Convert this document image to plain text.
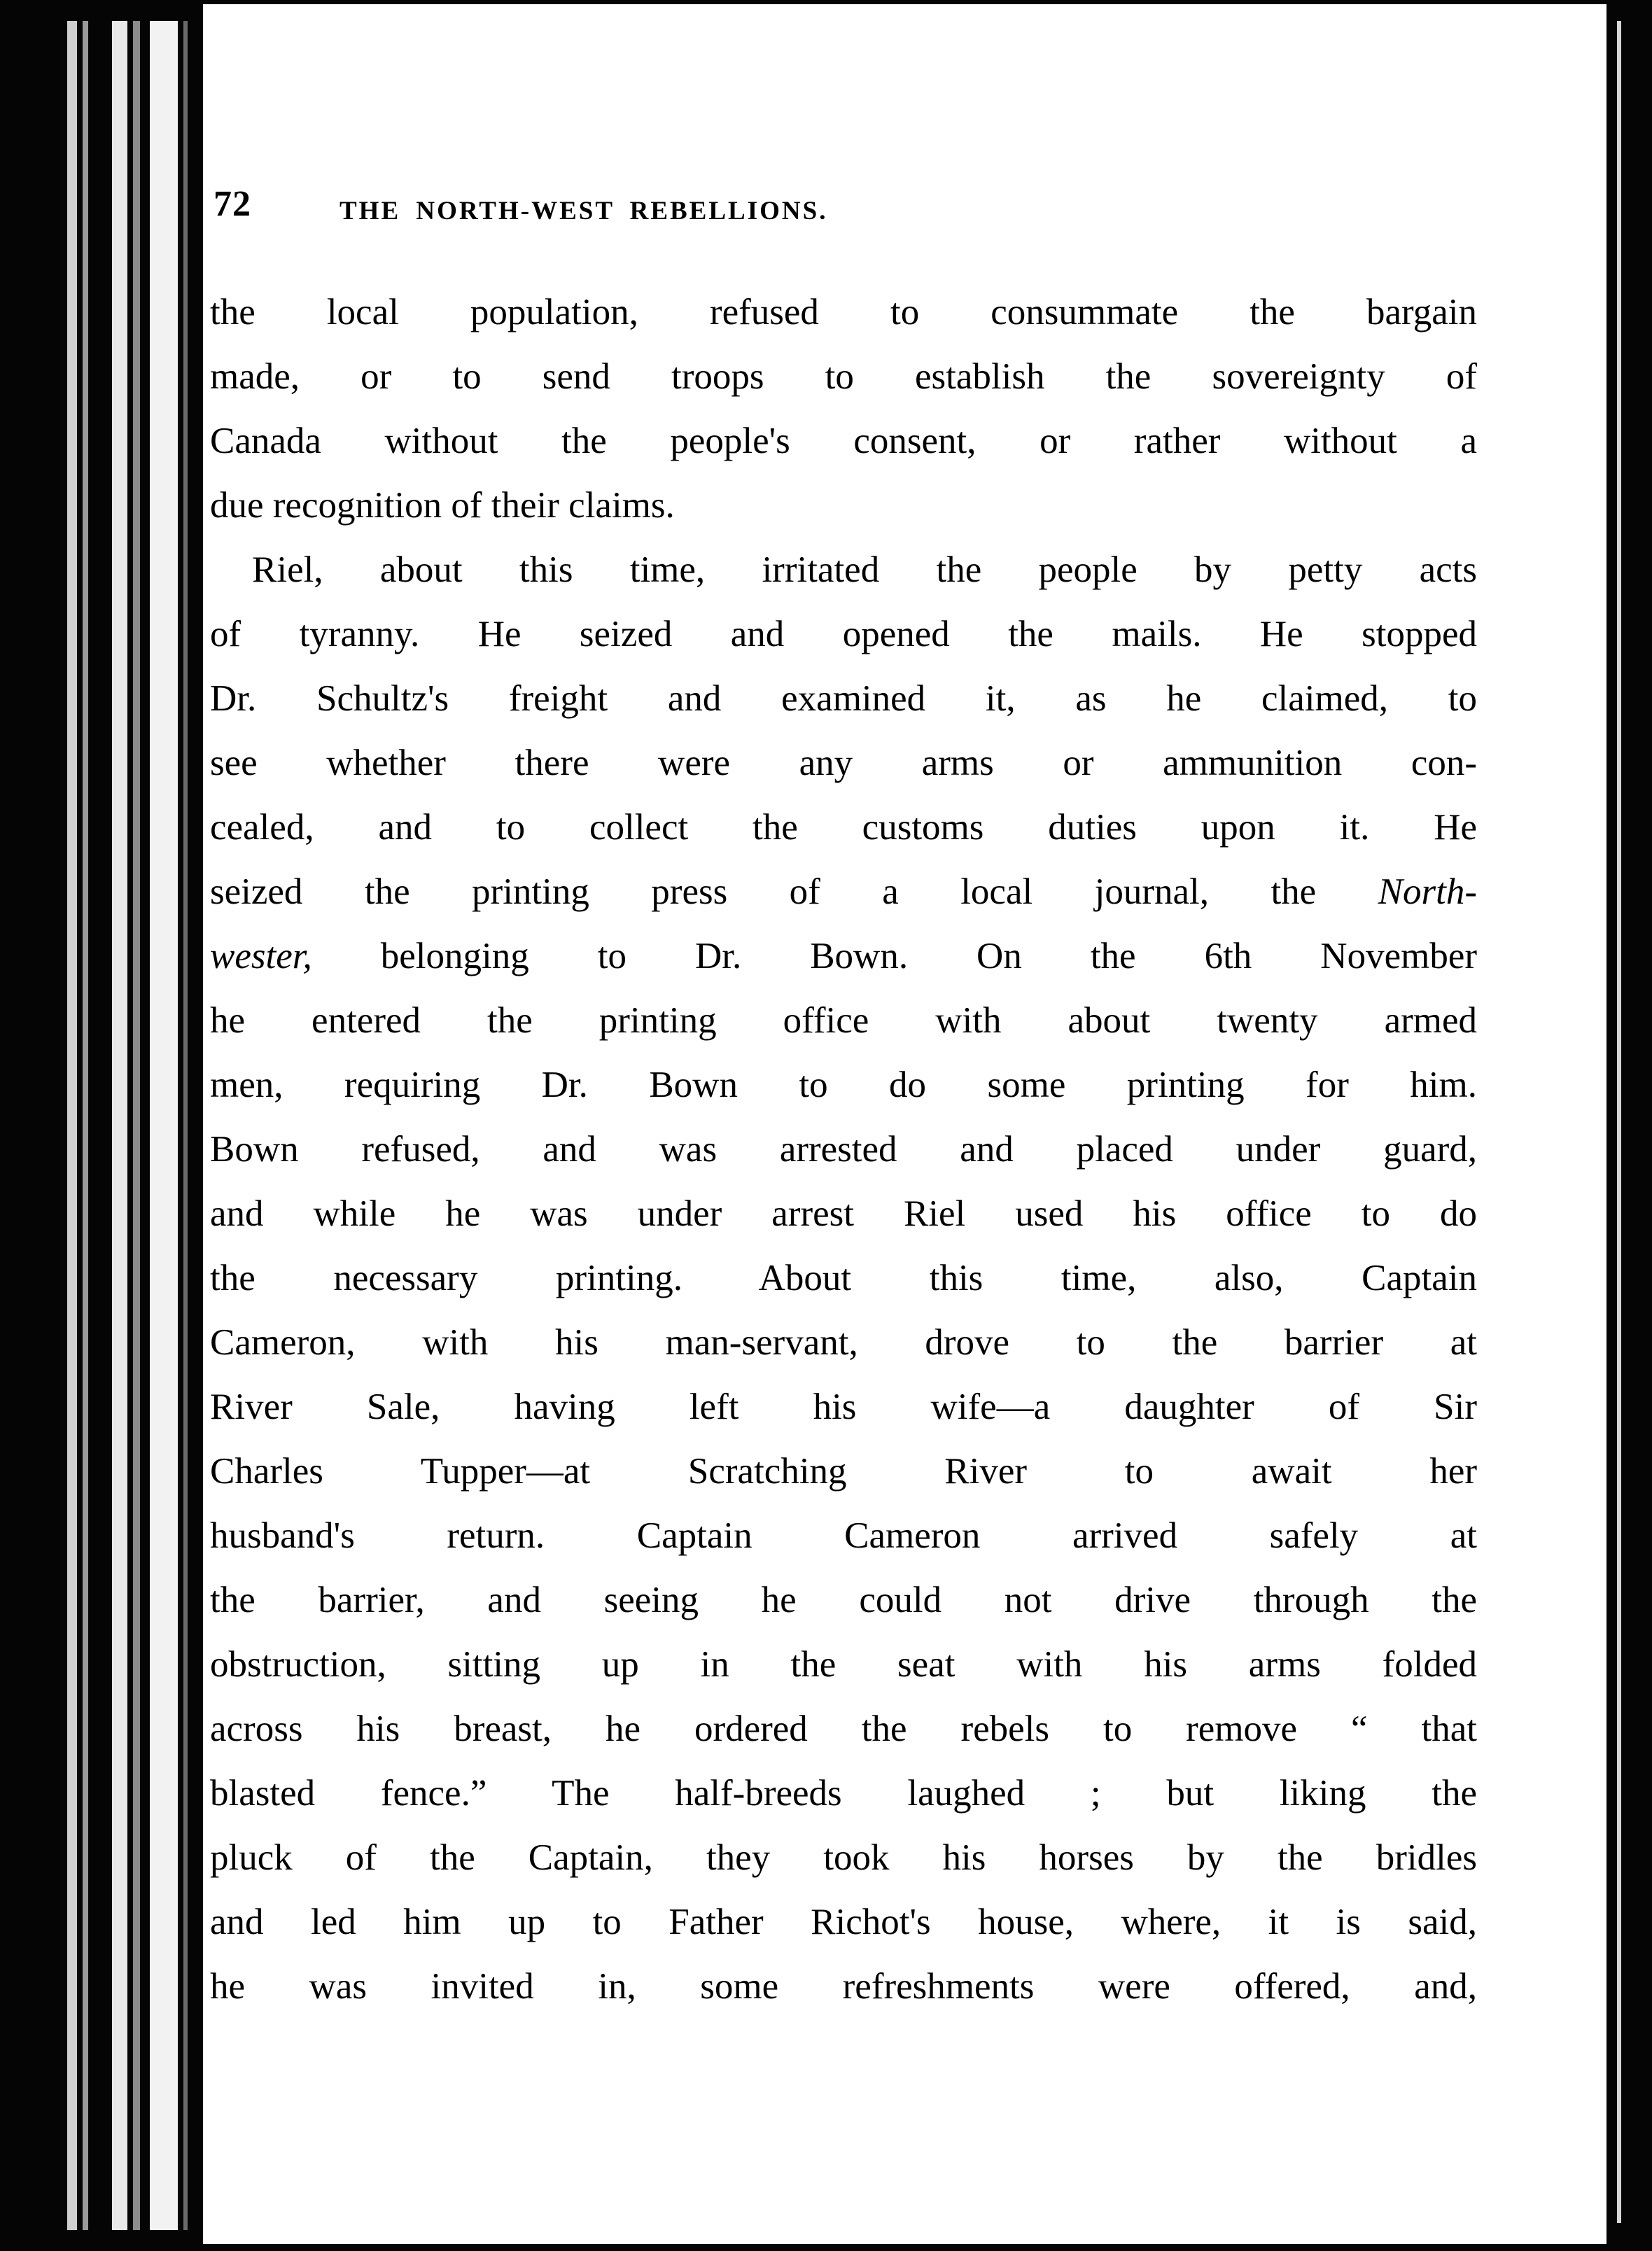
72	THE NORTH-WEST REBELLIONS.
the local population, refused to consummate the bargain
made, or to send troops to establish the sovereignty of
Canada without the people's consent, or rather without a
due recognition of their claims.
Riel, about this time, irritated the people by petty acts
of tyranny. He seized and opened the mails. He stopped
Dr. Schultz's freight and examined it, as he claimed, to
see whether there were any arms or ammunition con-
cealed, and to collect the customs duties upon it. He
seized the printing press of a local journal, the North-
wester, belonging to Dr. Bown. On the 6th November
he entered the printing office with about twenty armed
men, requiring Dr. Bown to do some printing for him.
Bown refused, and was arrested and placed under guard,
and while he was under arrest Riel used his office to do
the necessary printing. About this time, also, Captain
Cameron, with his man-servant, drove to the barrier at
River Sale, having left his wife—a daughter of Sir
Charles Tupper—at Scratching River to await her
husband's return. Captain Cameron arrived safely at
the barrier, and seeing he could not drive through the
obstruction, sitting up in the seat with his arms folded
across his breast, he ordered the rebels to remove “ that
blasted fence.” The half-breeds laughed ; but liking the
pluck of the Captain, they took his horses by the bridles
and led him up to Father Richot's house, where, it is said,
he was invited in, some refreshments were offered, and,
